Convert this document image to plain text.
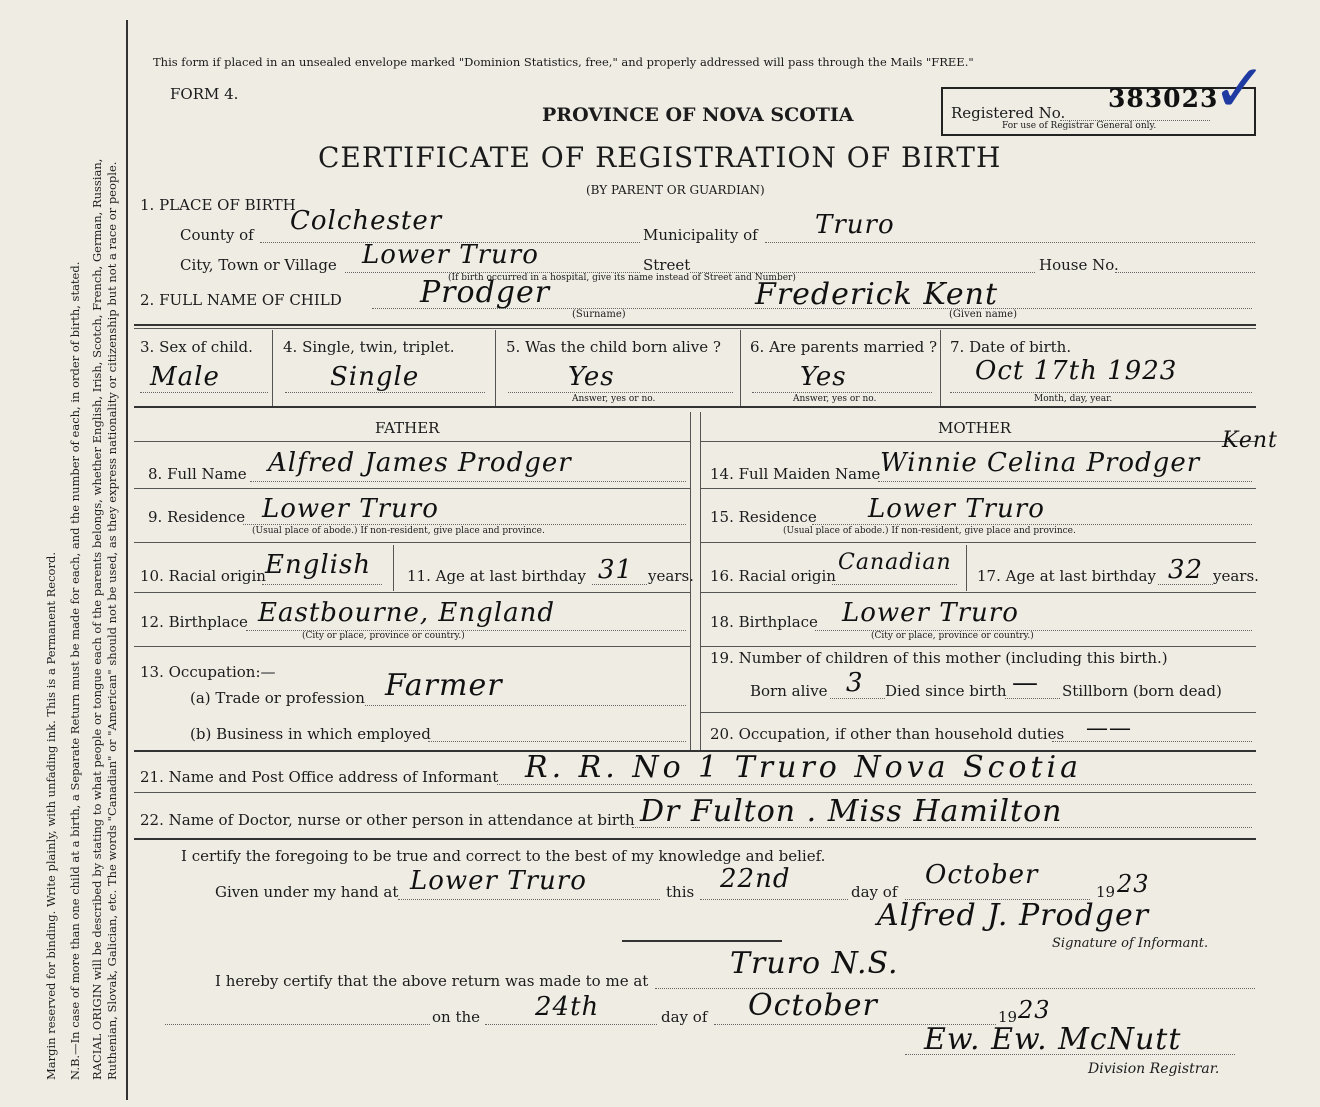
Margin reserved for binding. Write plainly, with unfading ink. This is a Permanent Record. N.B.—In case of more than one child at a birth, a Separate Return must be made for each, and the number of each, in order of birth, stated. RACIAL ORIGIN will be described by stating to what people or tongue each of the parents belongs, whether English, Irish, Scotch, French, German, Russian, Ruthenian, Slovak, Galician, etc. The words "Canadian" or "American" should not be used, as they express nationality or citizenship but not a race or people.
This form if placed in an unsealed envelope marked "Dominion Statistics, free," and properly addressed will pass through the Mails "FREE."
FORM 4.
PROVINCE OF NOVA SCOTIA	Registered No. 383023
✓
For use of Registrar General only.
CERTIFICATE OF REGISTRATION OF BIRTH
(BY PARENT OR GUARDIAN)
1. PLACE OF BIRTH
County of Colchester	Municipality of Truro
City, Town or Village Lower Truro	Street	House No.
(If birth occurred in a hospital, give its name instead of Street and Number)
2. FULL NAME OF CHILD	Prodger	Frederick Kent
(Surname)	(Given name)
3. Sex of child.
Male
4. Single, twin, triplet.
Single
5. Was the child born alive ?
Yes
Answer, yes or no.
6. Are parents married ?
Yes
Answer, yes or no.
7. Date of birth.
Oct 17th 1923
Month, day, year.
FATHER	MOTHER
8. Full Name Alfred James Prodger
9. Residence Lower Truro
(Usual place of abode.) If non-resident, give place and province.
10. Racial origin English 11. Age at last birthday 31 years.
12. Birthplace Eastbourne, England
(City or place, province or country.)
13. Occupation:—
(a) Trade or profession Farmer
(b) Business in which employed
14. Full Maiden Name Winnie Celina Prodger
Kent
15. Residence Lower Truro
(Usual place of abode.) If non-resident, give place and province.
16. Racial origin
Canadian
17. Age at last birthday 32 years.
18. Birthplace Lower Truro
(City or place, province or country.)
19. Number of children of this mother (including this birth.)
Born alive 3 Died since birth — Stillborn (born dead)
20. Occupation, if other than household duties ——
21. Name and Post Office address of Informant R. R. No 1 Truro Nova Scotia
22. Name of Doctor, nurse or other person in attendance at birth Dr Fulton . Miss Hamilton
I certify the foregoing to be true and correct to the best of my knowledge and belief.
Given under my hand at Lower Truro	this 22nd	day of
October
19 23
Alfred J. Prodger
Signature of Informant.
I hereby certify that the above return was made to me at	Truro N.S.
on the 24th	day of October	19 23
Ew. Ew. McNutt
Division Registrar.
